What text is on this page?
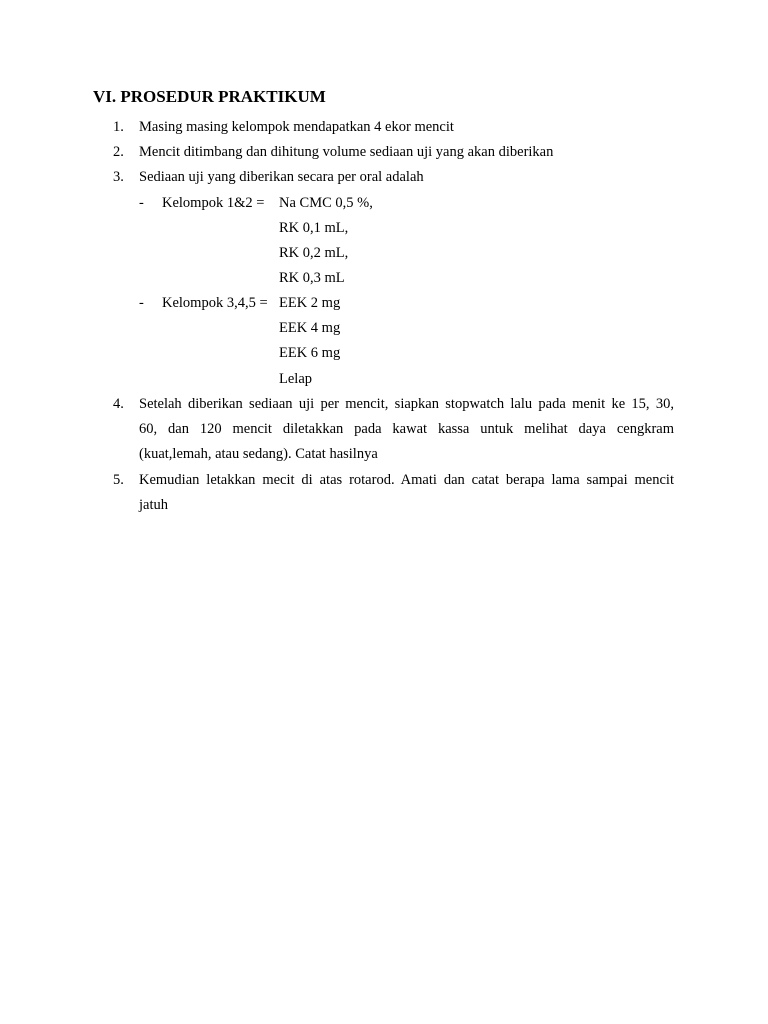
VI. PROSEDUR PRAKTIKUM
1.	Masing masing kelompok mendapatkan 4 ekor mencit
2.	Mencit ditimbang dan dihitung volume sediaan uji yang akan diberikan
3.	Sediaan uji yang diberikan secara per oral adalah
- Kelompok 1&2 = Na CMC 0,5 %,
RK 0,1 mL,
RK 0,2 mL,
RK 0,3 mL
- Kelompok 3,4,5 = EEK 2 mg
EEK 4 mg
EEK 6 mg
Lelap
4.	Setelah diberikan sediaan uji per mencit, siapkan stopwatch lalu pada menit ke 15, 30,
60, dan 120 mencit diletakkan pada kawat kassa untuk melihat daya cengkram
(kuat,lemah, atau sedang). Catat hasilnya
5.	Kemudian letakkan mecit di atas rotarod. Amati dan catat berapa lama sampai mencit
jatuh
